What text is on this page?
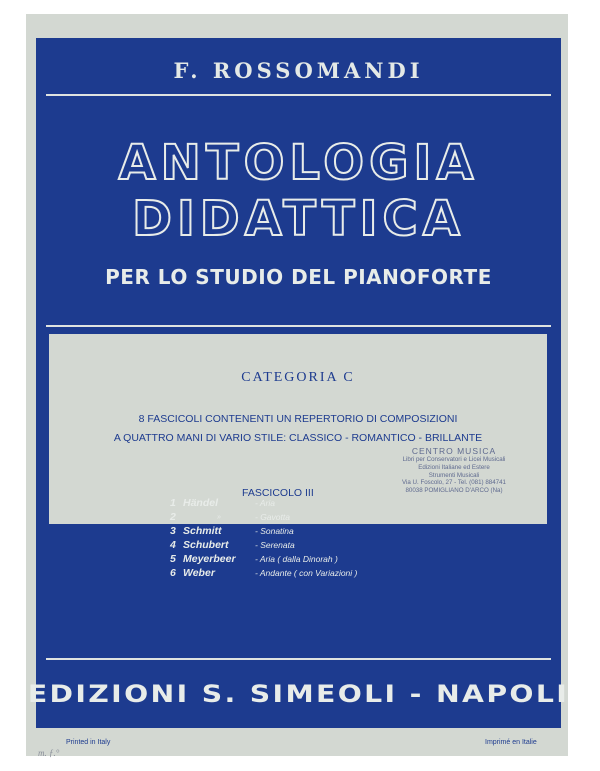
F. ROSSOMANDI
ANTOLOGIA
DIDATTICA
PER LO STUDIO DEL PIANOFORTE
CATEGORIA C
8 FASCICOLI CONTENENTI UN REPERTORIO DI COMPOSIZIONI
A QUATTRO MANI DI VARIO STILE: CLASSICO - ROMANTICO - BRILLANTE
FASCICOLO III
CENTRO MUSICA
Libri per Conservatori e Licei Musicali
Edizioni Italiane ed Estere
Strumenti Musicali
Via U. Foscolo, 27 - Tel. (081) 884741
80038 POMIGLIANO D'ARCO (Na)
EDIZIONI S. SIMEOLI - NAPOLI
1 Händel	- Aria
2	»	- Gavotta
3 Schmitt	- Sonatina
4 Schubert	- Serenata
5 Meyerbeer - Aria ( dalla Dinorah )
6 Weber	- Andante ( con Variazioni )
Printed in Italy	Imprimé en Italie
m. ƒ.°
